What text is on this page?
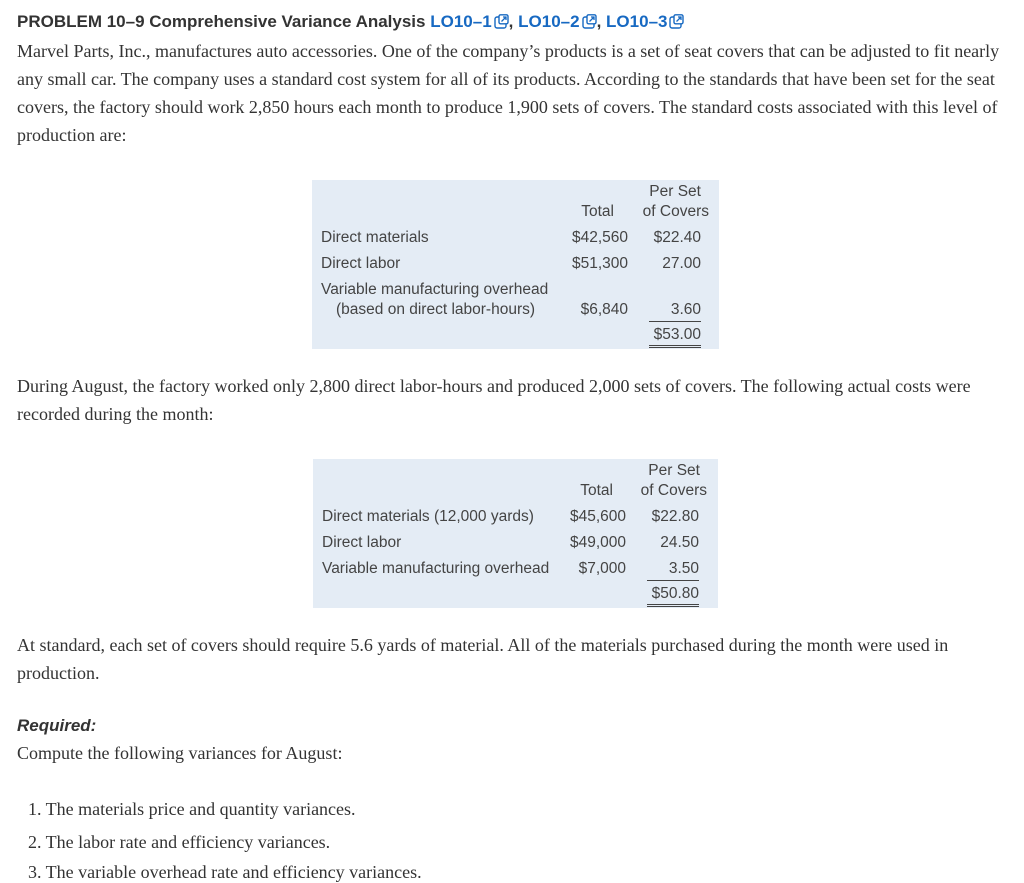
PROBLEM 10–9 Comprehensive Variance Analysis LO10–1 , LO10–2 , LO10–3

Marvel Parts, Inc., manufactures auto accessories. One of the company’s products is a set of seat covers that can be adjusted to fit nearly any small car. The company uses a standard cost system for all of its products. According to the standards that have been set for the seat covers, the factory should work 2,850 hours each month to produce 1,900 sets of covers. The standard costs associated with this level of production are:

Per Set
Total of Covers
Direct materials	$42,560 $22.40
Direct labor	$51,300 27.00
Variable manufacturing overhead
(based on direct labor-hours)	$6,840	3.60
$53.00

During August, the factory worked only 2,800 direct labor-hours and produced 2,000 sets of covers. The following actual costs were recorded during the month:

Per Set
Total of Covers
Direct materials (12,000 yards) $45,600 $22.80
Direct labor	$49,000 24.50
Variable manufacturing overhead $7,000	3.50
$50.80

At standard, each set of covers should require 5.6 yards of material. All of the materials purchased during the month were used in production.

Required:

Compute the following variances for August:

1. The materials price and quantity variances.
2. The labor rate and efficiency variances.
3. The variable overhead rate and efficiency variances.
